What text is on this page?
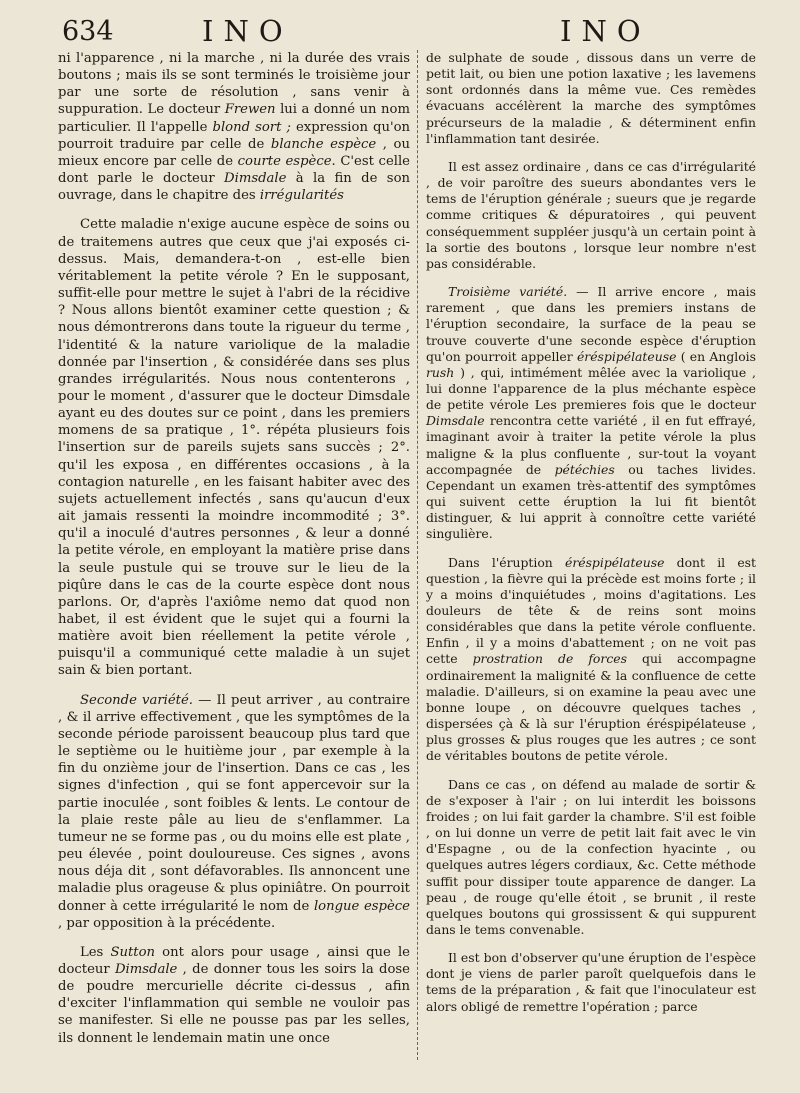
634	INO	INO

ni l'apparence , ni la marche , ni la durée des vrais boutons ; mais ils se sont terminés le troisième jour par une sorte de résolution , sans venir à suppuration. Le docteur Frewen lui a donné un nom particulier. Il l'appelle blond sort ; expression qu'on pourroit traduire par celle de blanche espèce , ou mieux encore par celle de courte espèce. C'est celle dont parle le docteur Dimsdale à la fin de son ouvrage, dans le chapitre des irrégularités

Cette maladie n'exige aucune espèce de soins ou de traitemens autres que ceux que j'ai exposés ci-dessus. Mais, demandera-t-on , est-elle bien véritablement la petite vérole ? En le supposant, suffit-elle pour mettre le sujet à l'abri de la récidive ? Nous allons bientôt examiner cette question ; & nous démontrerons dans toute la rigueur du terme , l'identité & la nature variolique de la maladie donnée par l'insertion , & considérée dans ses plus grandes irrégularités. Nous nous contenterons , pour le moment , d'assurer que le docteur Dimsdale ayant eu des doutes sur ce point , dans les premiers momens de sa pratique , 1°. répéta plusieurs fois l'insertion sur de pareils sujets sans succès ; 2°. qu'il les exposa , en différentes occasions , à la contagion naturelle , en les faisant habiter avec des sujets actuellement infectés , sans qu'aucun d'eux ait jamais ressenti la moindre incommodité ; 3°. qu'il a inoculé d'autres personnes , & leur a donné la petite vérole, en employant la matière prise dans la seule pustule qui se trouve sur le lieu de la piqûre dans le cas de la courte espèce dont nous parlons. Or, d'après l'axiôme nemo dat quod non habet, il est évident que le sujet qui a fourni la matière avoit bien réellement la petite vérole , puisqu'il a communiqué cette maladie à un sujet sain & bien portant.

Seconde variété. — Il peut arriver , au contraire , & il arrive effectivement , que les symptômes de la seconde période paroissent beaucoup plus tard que le septième ou le huitième jour , par exemple à la fin du onzième jour de l'insertion. Dans ce cas , les signes d'infection , qui se font appercevoir sur la partie inoculée , sont foibles & lents. Le contour de la plaie reste pâle au lieu de s'enflammer. La tumeur ne se forme pas , ou du moins elle est plate , peu élevée , point douloureuse. Ces signes , avons nous déja dit , sont défavorables. Ils annoncent une maladie plus orageuse & plus opiniâtre. On pourroit donner à cette irrégularité le nom de longue espèce , par opposition à la précédente.

Les Sutton ont alors pour usage , ainsi que le docteur Dimsdale , de donner tous les soirs la dose de poudre mercurielle décrite ci-dessus , afin d'exciter l'inflammation qui semble ne vouloir pas se manifester. Si elle ne pousse pas par les selles, ils donnent le lendemain matin une once

de sulphate de soude , dissous dans un verre de petit lait, ou bien une potion laxative ; les lavemens sont ordonnés dans la même vue. Ces remèdes évacuans accélèrent la marche des symptômes précurseurs de la maladie , & déterminent enfin l'inflammation tant desirée.

Il est assez ordinaire , dans ce cas d'irrégularité , de voir paroître des sueurs abondantes vers le tems de l'éruption générale ; sueurs que je regarde comme critiques & dépuratoires , qui peuvent conséquemment suppléer jusqu'à un certain point à la sortie des boutons , lorsque leur nombre n'est pas considérable.

Troisième variété. — Il arrive encore , mais rarement , que dans les premiers instans de l'éruption secondaire, la surface de la peau se trouve couverte d'une seconde espèce d'éruption qu'on pourroit appeller éréspipélateuse ( en Anglois rush ) , qui, intimément mêlée avec la variolique , lui donne l'apparence de la plus méchante espèce de petite vérole Les premieres fois que le docteur Dimsdale rencontra cette variété , il en fut effrayé, imaginant avoir à traiter la petite vérole la plus maligne & la plus confluente , sur-tout la voyant accompagnée de pétéchies ou taches livides. Cependant un examen très-attentif des symptômes qui suivent cette éruption la lui fit bientôt distinguer, & lui apprit à connoître cette variété singulière.

Dans l'éruption éréspipélateuse dont il est question , la fièvre qui la précède est moins forte ; il y a moins d'inquiétudes , moins d'agitations. Les douleurs de tête & de reins sont moins considérables que dans la petite vérole confluente. Enfin , il y a moins d'abattement ; on ne voit pas cette prostration de forces qui accompagne ordinairement la malignité & la confluence de cette maladie. D'ailleurs, si on examine la peau avec une bonne loupe , on découvre quelques taches , dispersées çà & là sur l'éruption éréspipélateuse , plus grosses & plus rouges que les autres ; ce sont de véritables boutons de petite vérole.

Dans ce cas , on défend au malade de sortir & de s'exposer à l'air ; on lui interdit les boissons froides ; on lui fait garder la chambre. S'il est foible , on lui donne un verre de petit lait fait avec le vin d'Espagne , ou de la confection hyacinte , ou quelques autres légers cordiaux, &c. Cette méthode suffit pour dissiper toute apparence de danger. La peau , de rouge qu'elle étoit , se brunit , il reste quelques boutons qui grossissent & qui suppurent dans le tems convenable.

Il est bon d'observer qu'une éruption de l'espèce dont je viens de parler paroît quelquefois dans le tems de la préparation , & fait que l'inoculateur est alors obligé de remettre l'opération ; parce
